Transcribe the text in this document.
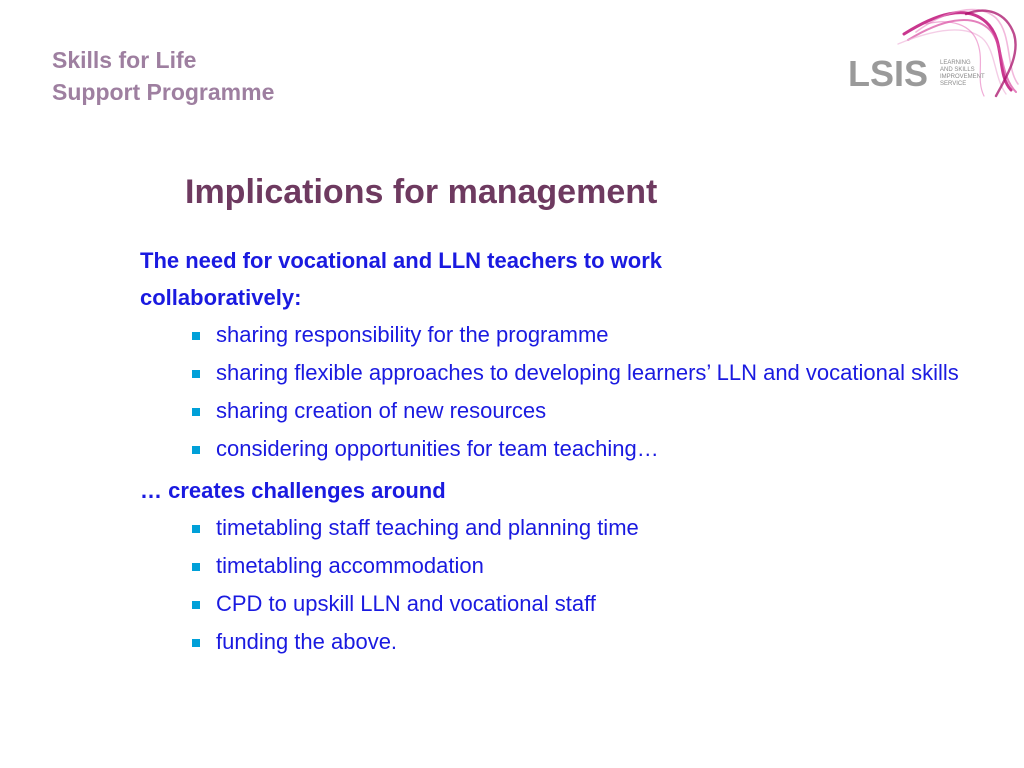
Skills for Life
Support Programme	LSIS LEARNING
AND SKILLS
IMPROVEMENT
SERVICE
Implications for management
The need for vocational and LLN teachers to work
collaboratively:
sharing responsibility for the programme
sharing flexible approaches to developing learners’ LLN and vocational skills
sharing creation of new resources
considering opportunities for team teaching…
… creates challenges around
timetabling staff teaching and planning time
timetabling accommodation
CPD to upskill LLN and vocational staff
funding the above.
